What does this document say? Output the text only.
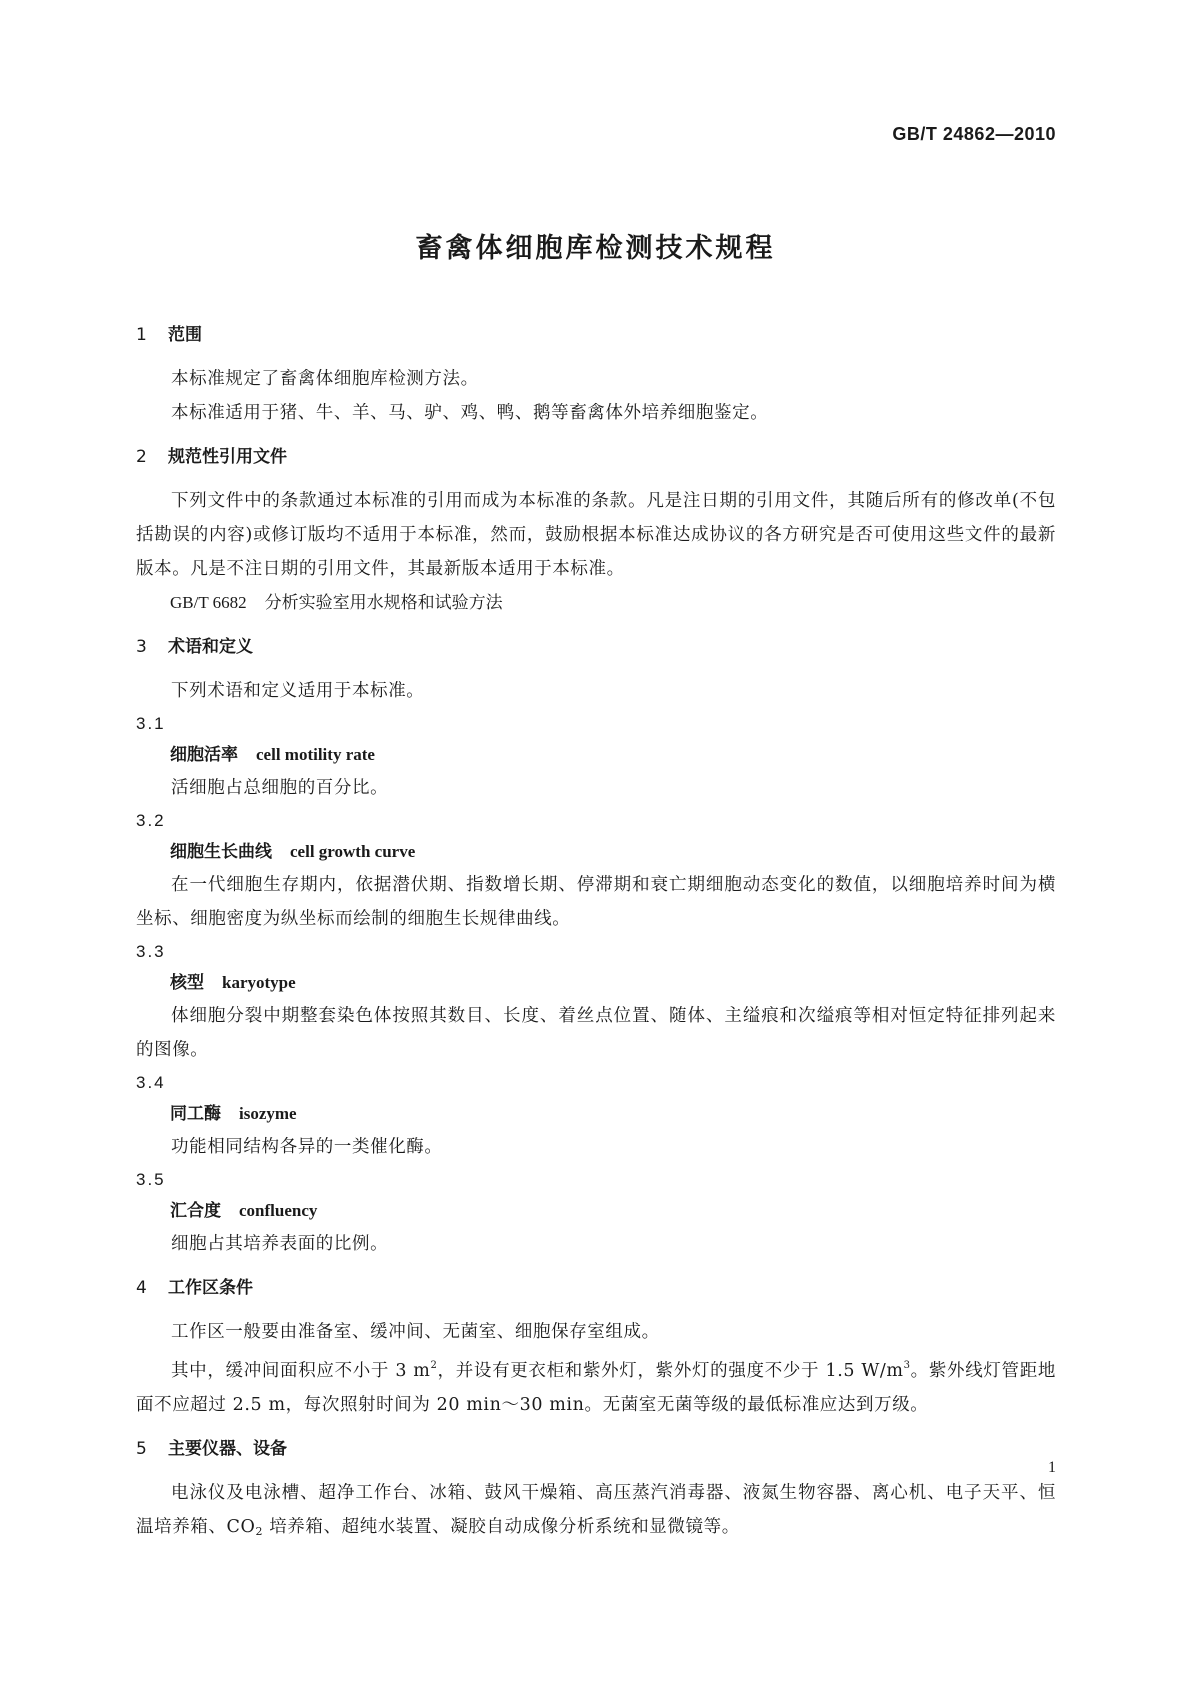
GB/T 24862—2010
畜禽体细胞库检测技术规程

1 范围

本标准规定了畜禽体细胞库检测方法。

本标准适用于猪、牛、羊、马、驴、鸡、鸭、鹅等畜禽体外培养细胞鉴定。

2 规范性引用文件

下列文件中的条款通过本标准的引用而成为本标准的条款。凡是注日期的引用文件，其随后所有的修改单(不包括勘误的内容)或修订版均不适用于本标准，然而，鼓励根据本标准达成协议的各方研究是否可使用这些文件的最新版本。凡是不注日期的引用文件，其最新版本适用于本标准。

GB/T 6682 分析实验室用水规格和试验方法

3 术语和定义

下列术语和定义适用于本标准。

3.1

细胞活率 cell motility rate

活细胞占总细胞的百分比。

3.2

细胞生长曲线 cell growth curve

在一代细胞生存期内，依据潜伏期、指数增长期、停滞期和衰亡期细胞动态变化的数值，以细胞培养时间为横坐标、细胞密度为纵坐标而绘制的细胞生长规律曲线。

3.3

核型 karyotype

体细胞分裂中期整套染色体按照其数目、长度、着丝点位置、随体、主缢痕和次缢痕等相对恒定特征排列起来的图像。

3.4

同工酶 isozyme

功能相同结构各异的一类催化酶。

3.5

汇合度 confluency

细胞占其培养表面的比例。

4 工作区条件

工作区一般要由准备室、缓冲间、无菌室、细胞保存室组成。

其中，缓冲间面积应不小于 3 $m^2$，并设有更衣柜和紫外灯，紫外灯的强度不少于 1.5 $W/m^3$。紫外线灯管距地面不应超过 2.5 m，每次照射时间为 20 min～30 min。无菌室无菌等级的最低标准应达到万级。

5 主要仪器、设备

电泳仪及电泳槽、超净工作台、冰箱、鼓风干燥箱、高压蒸汽消毒器、液氮生物容器、离心机、电子天平、恒温培养箱、$CO_2$ 培养箱、超纯水装置、凝胶自动成像分析系统和显微镜等。

1
